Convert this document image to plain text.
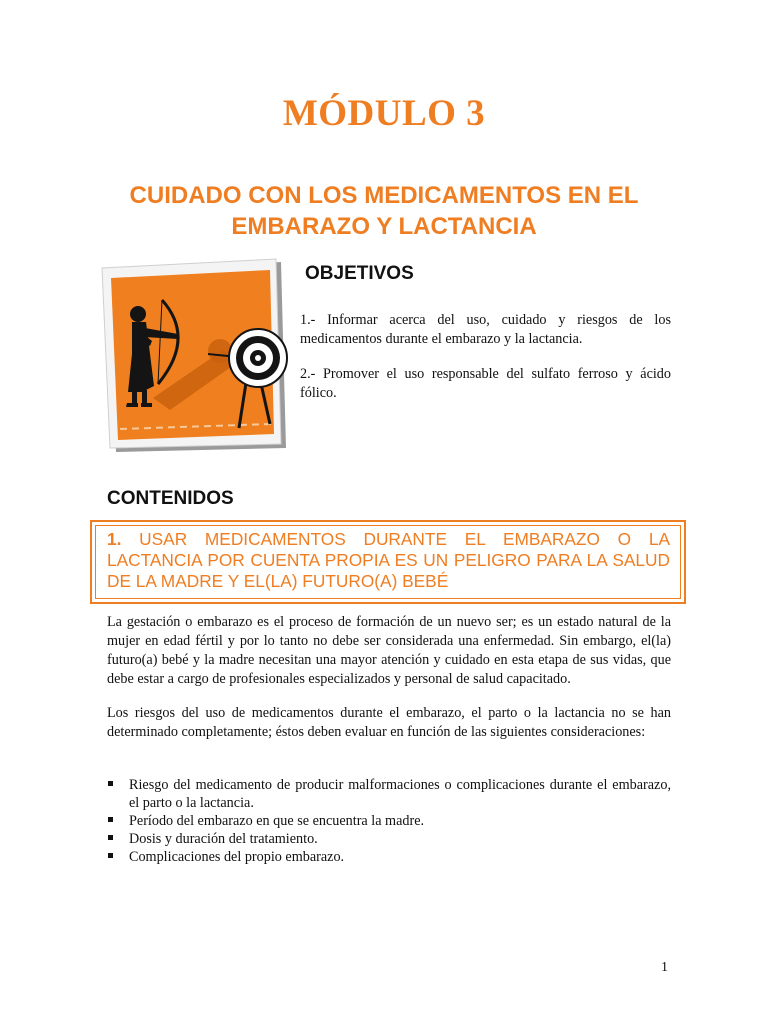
MÓDULO 3
CUIDADO CON LOS MEDICAMENTOS EN EL EMBARAZO Y LACTANCIA
OBJETIVOS
1.- Informar acerca del uso, cuidado y riesgos de los medicamentos durante el embarazo y la lactancia.
2.- Promover el uso responsable del sulfato ferroso y ácido fólico.
CONTENIDOS
1. USAR MEDICAMENTOS DURANTE EL EMBARAZO O LA LACTANCIA POR CUENTA PROPIA ES UN PELIGRO PARA LA SALUD DE LA MADRE Y EL(LA) FUTURO(A) BEBÉ
La gestación o embarazo es el proceso de formación de un nuevo ser; es un estado natural de la mujer en edad fértil y por lo tanto no debe ser considerada una enfermedad. Sin embargo, el(la) futuro(a) bebé y la madre necesitan una mayor atención y cuidado en esta etapa de sus vidas, que debe estar a cargo de profesionales especializados y personal de salud capacitado.
Los riesgos del uso de medicamentos durante el embarazo, el parto o la lactancia no se han determinado completamente; éstos deben evaluar en función de las siguientes consideraciones:
Riesgo del medicamento de producir malformaciones o complicaciones durante el embarazo, el parto o la lactancia.
Período del embarazo en que se encuentra la madre.
Dosis y duración del tratamiento.
Complicaciones del propio embarazo.
1
